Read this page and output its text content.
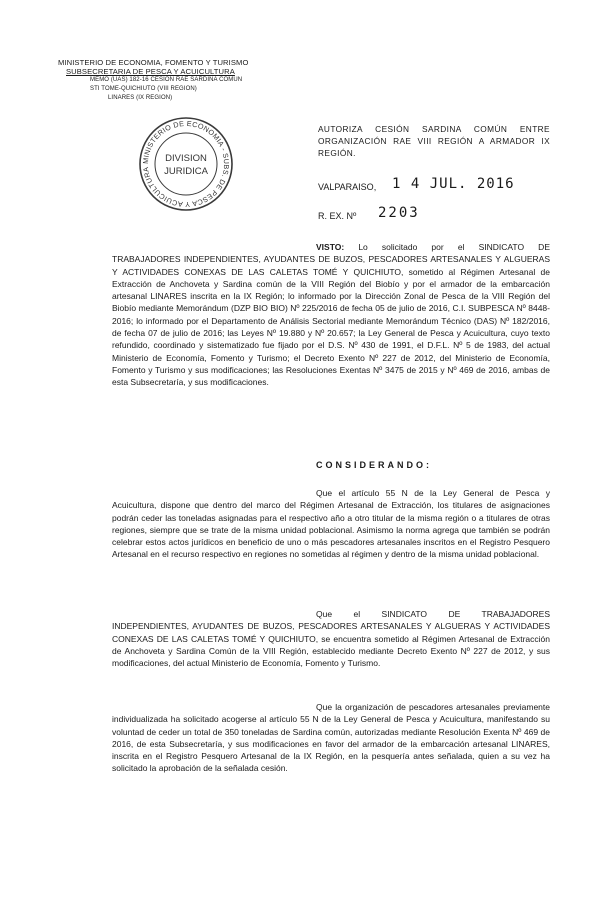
MINISTERIO DE ECONOMIA, FOMENTO Y TURISMO
SUBSECRETARIA DE PESCA Y ACUICULTURA
MEMO (UAS) 182-16 CESION RAE SARDINA COMUN
STI TOME-QUICHIUTO (VIII REGION)
LINARES (IX REGION)
MINISTERIO DE ECONOMIA - SUBS. DE PESCA Y ACUICULTURA
DIVISION
JURIDICA
AUTORIZA CESIÓN SARDINA COMÚN ENTRE ORGANIZACIÓN RAE VIII REGIÓN A ARMADOR IX REGIÓN.
VALPARAISO, 1 4 JUL. 2016
R. EX. Nº 2203
VISTO: Lo solicitado por el SINDICATO DE TRABAJADORES INDEPENDIENTES, AYUDANTES DE BUZOS, PESCADORES ARTESANALES Y ALGUERAS Y ACTIVIDADES CONEXAS DE LAS CALETAS TOMÉ Y QUICHIUTO, sometido al Régimen Artesanal de Extracción de Anchoveta y Sardina común de la VIII Región del Biobío y por el armador de la embarcación artesanal LINARES inscrita en la IX Región; lo informado por la Dirección Zonal de Pesca de la VIII Región del Biobío mediante Memorándum (DZP BIO BIO) Nº 225/2016 de fecha 05 de julio de 2016, C.I. SUBPESCA Nº 8448-2016; lo informado por el Departamento de Análisis Sectorial mediante Memorándum Técnico (DAS) Nº 182/2016, de fecha 07 de julio de 2016; las Leyes Nº 19.880 y Nº 20.657; la Ley General de Pesca y Acuicultura, cuyo texto refundido, coordinado y sistematizado fue fijado por el D.S. Nº 430 de 1991, el D.F.L. Nº 5 de 1983, del actual Ministerio de Economía, Fomento y Turismo; el Decreto Exento Nº 227 de 2012, del Ministerio de Economía, Fomento y Turismo y sus modificaciones; las Resoluciones Exentas Nº 3475 de 2015 y Nº 469 de 2016, ambas de esta Subsecretaría, y sus modificaciones.
CONSIDERANDO:
Que el artículo 55 N de la Ley General de Pesca y Acuicultura, dispone que dentro del marco del Régimen Artesanal de Extracción, los titulares de asignaciones podrán ceder las toneladas asignadas para el respectivo año a otro titular de la misma región o a titulares de otras regiones, siempre que se trate de la misma unidad poblacional. Asimismo la norma agrega que también se podrán celebrar estos actos jurídicos en beneficio de uno o más pescadores artesanales inscritos en el Registro Pesquero Artesanal en el recurso respectivo en regiones no sometidas al régimen y dentro de la misma unidad poblacional.
Que el SINDICATO DE TRABAJADORES INDEPENDIENTES, AYUDANTES DE BUZOS, PESCADORES ARTESANALES Y ALGUERAS Y ACTIVIDADES CONEXAS DE LAS CALETAS TOMÉ Y QUICHIUTO, se encuentra sometido al Régimen Artesanal de Extracción de Anchoveta y Sardina Común de la VIII Región, establecido mediante Decreto Exento Nº 227 de 2012, y sus modificaciones, del actual Ministerio de Economía, Fomento y Turismo.
Que la organización de pescadores artesanales previamente individualizada ha solicitado acogerse al artículo 55 N de la Ley General de Pesca y Acuicultura, manifestando su voluntad de ceder un total de 350 toneladas de Sardina común, autorizadas mediante Resolución Exenta Nº 469 de 2016, de esta Subsecretaría, y sus modificaciones en favor del armador de la embarcación artesanal LINARES, inscrita en el Registro Pesquero Artesanal de la IX Región, en la pesquería antes señalada, quien a su vez ha solicitado la aprobación de la señalada cesión.
